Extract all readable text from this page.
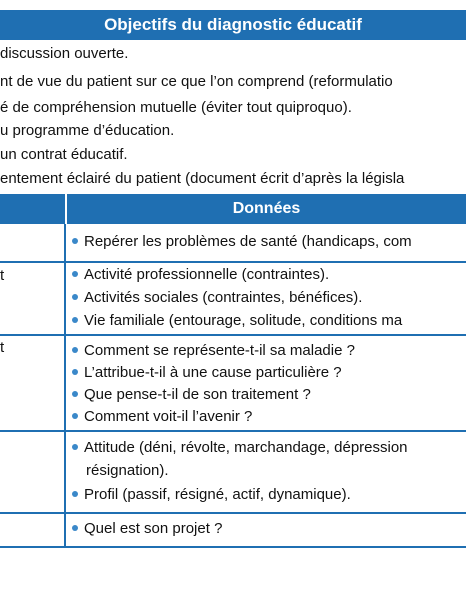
Objectifs du diagnostic éducatif
discussion ouverte.
nt de vue du patient sur ce que l’on comprend (reformulatio
é de compréhension mutuelle (éviter tout quiproquo).
u programme d’éducation.
un contrat éducatif.
entement éclairé du patient (document écrit d’après la législa
Données
t
t
Repérer les problèmes de santé (handicaps, com
Activité professionnelle (contraintes).
Activités sociales (contraintes, bénéfices).
Vie familiale (entourage, solitude, conditions ma
Comment se représente-t-il sa maladie ?
L’attribue-t-il à une cause particulière ?
Que pense-t-il de son traitement ?
Comment voit-il l’avenir ?
Attitude (déni, révolte, marchandage, dépression
résignation).
Profil (passif, résigné, actif, dynamique).
Quel est son projet ?
